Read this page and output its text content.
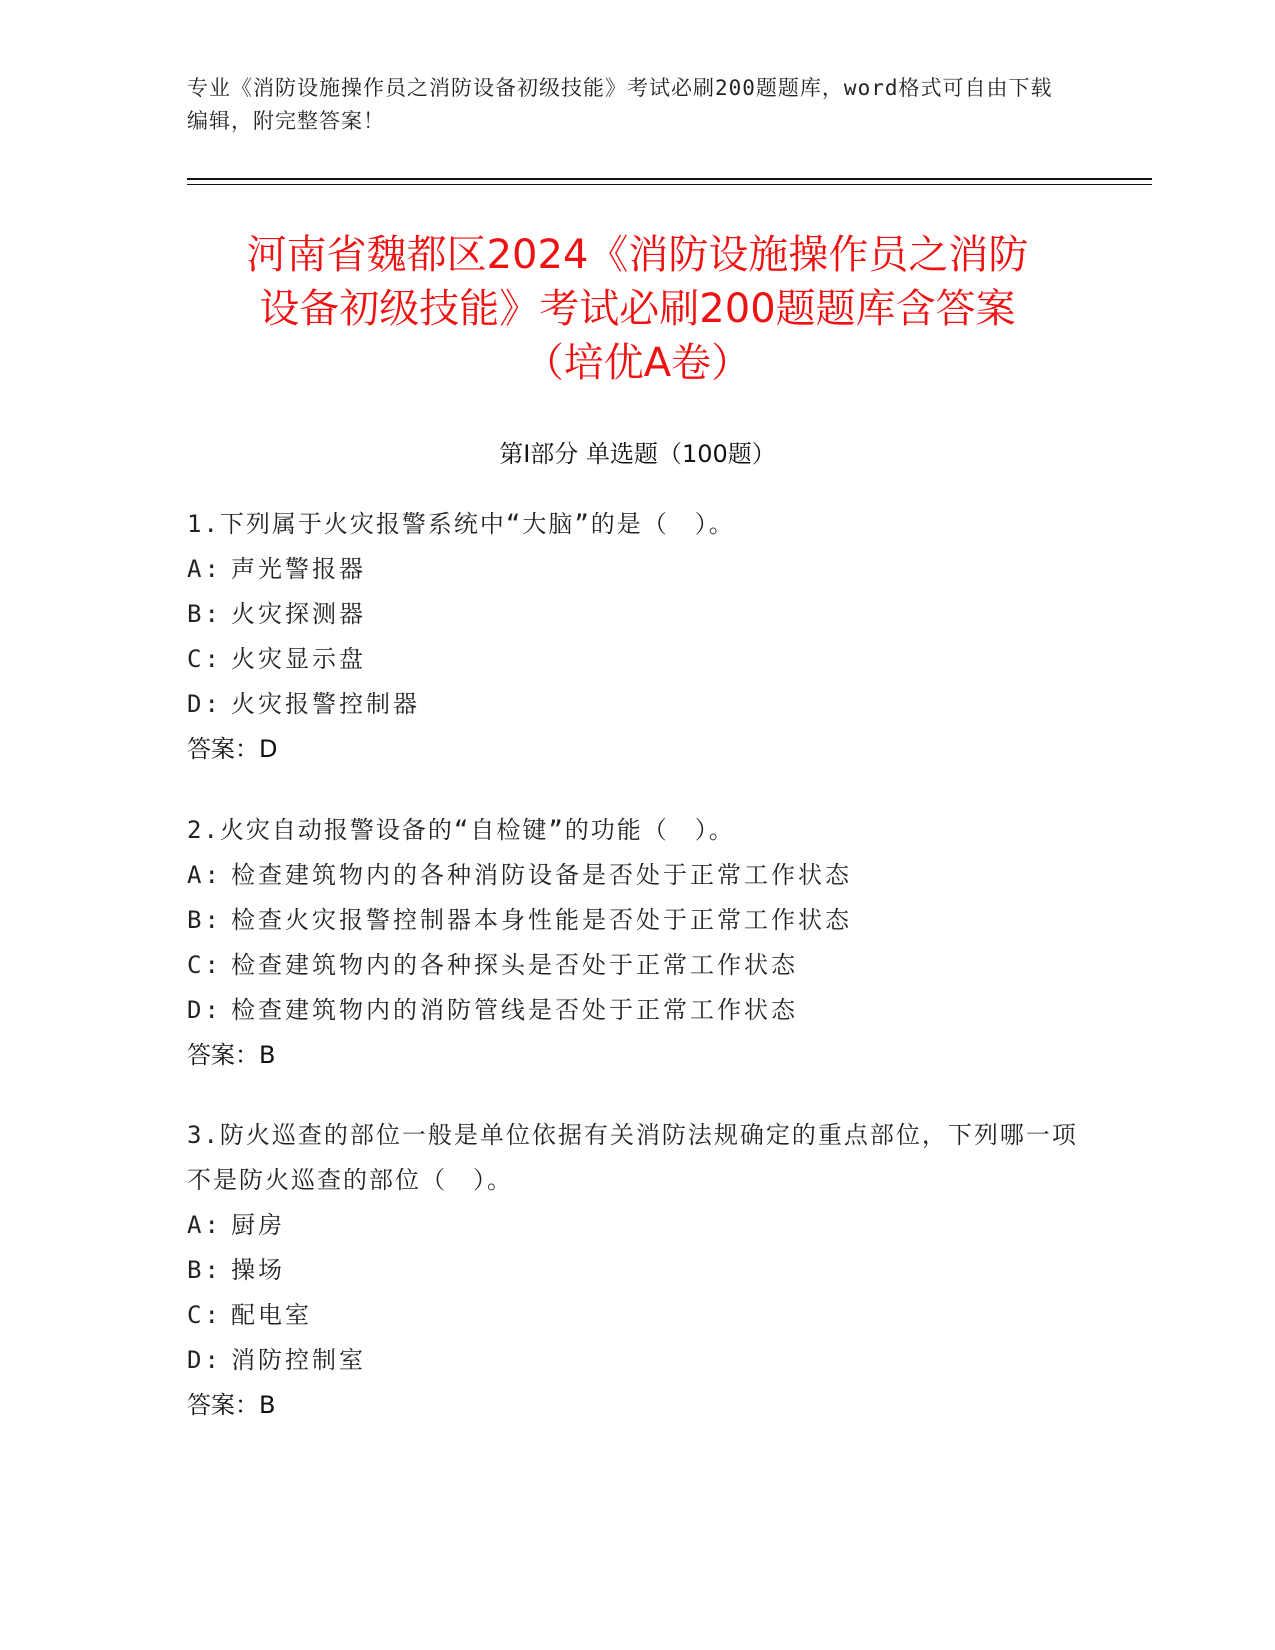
专业《消防设施操作员之消防设备初级技能》考试必刷200题题库，word格式可自由下载编辑，附完整答案！
河南省魏都区2024《消防设施操作员之消防
设备初级技能》考试必刷200题题库含答案
（培优A卷）
第Ⅰ部分 单选题（100题）
1.下列属于火灾报警系统中“大脑”的是（　）。
A: 声光警报器
B: 火灾探测器
C: 火灾显示盘
D: 火灾报警控制器
答案：D
2.火灾自动报警设备的“自检键”的功能（　）。
A: 检查建筑物内的各种消防设备是否处于正常工作状态
B: 检查火灾报警控制器本身性能是否处于正常工作状态
C: 检查建筑物内的各种探头是否处于正常工作状态
D: 检查建筑物内的消防管线是否处于正常工作状态
答案：B
3.防火巡查的部位一般是单位依据有关消防法规确定的重点部位，下列哪一项不是防火巡查的部位（　）。
A: 厨房
B: 操场
C: 配电室
D: 消防控制室
答案：B
